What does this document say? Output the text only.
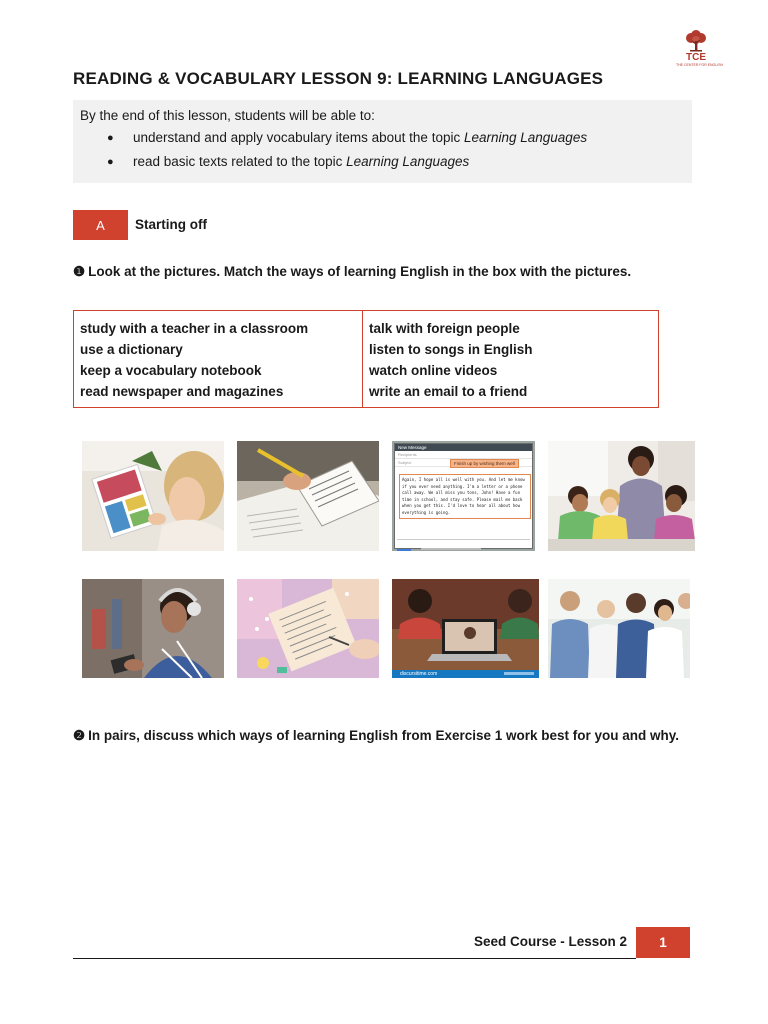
TCE
THE CENTER FOR ENGLISH
READING & VOCABULARY LESSON 9: LEARNING LANGUAGES

By the end of this lesson, students will be able to:

● understand and apply vocabulary items about the topic Learning Languages
● read basic texts related to the topic Learning Languages
A	Starting off
❶ Look at the pictures. Match the ways of learning English in the box with the pictures.
study with a teacher in a classroom
use a dictionary
keep a vocabulary notebook
read newspaper and magazines
talk with foreign people
listen to songs in English
watch online videos
write an email to a friend
New Message
Recipients
Subject	Finish up by wishing them well
Again, I hope all is well with you. And let me know
if you ever need anything. I'm a letter or a phone
call away. We all miss you tons, John! Have a fun
time in school, and stay safe. Please mail me back
when you get this. I'd love to hear all about how
everything is going.

discursitime.com
❷ In pairs, discuss which ways of learning English from Exercise 1 work best for you and why.
Seed Course - Lesson 2	1
